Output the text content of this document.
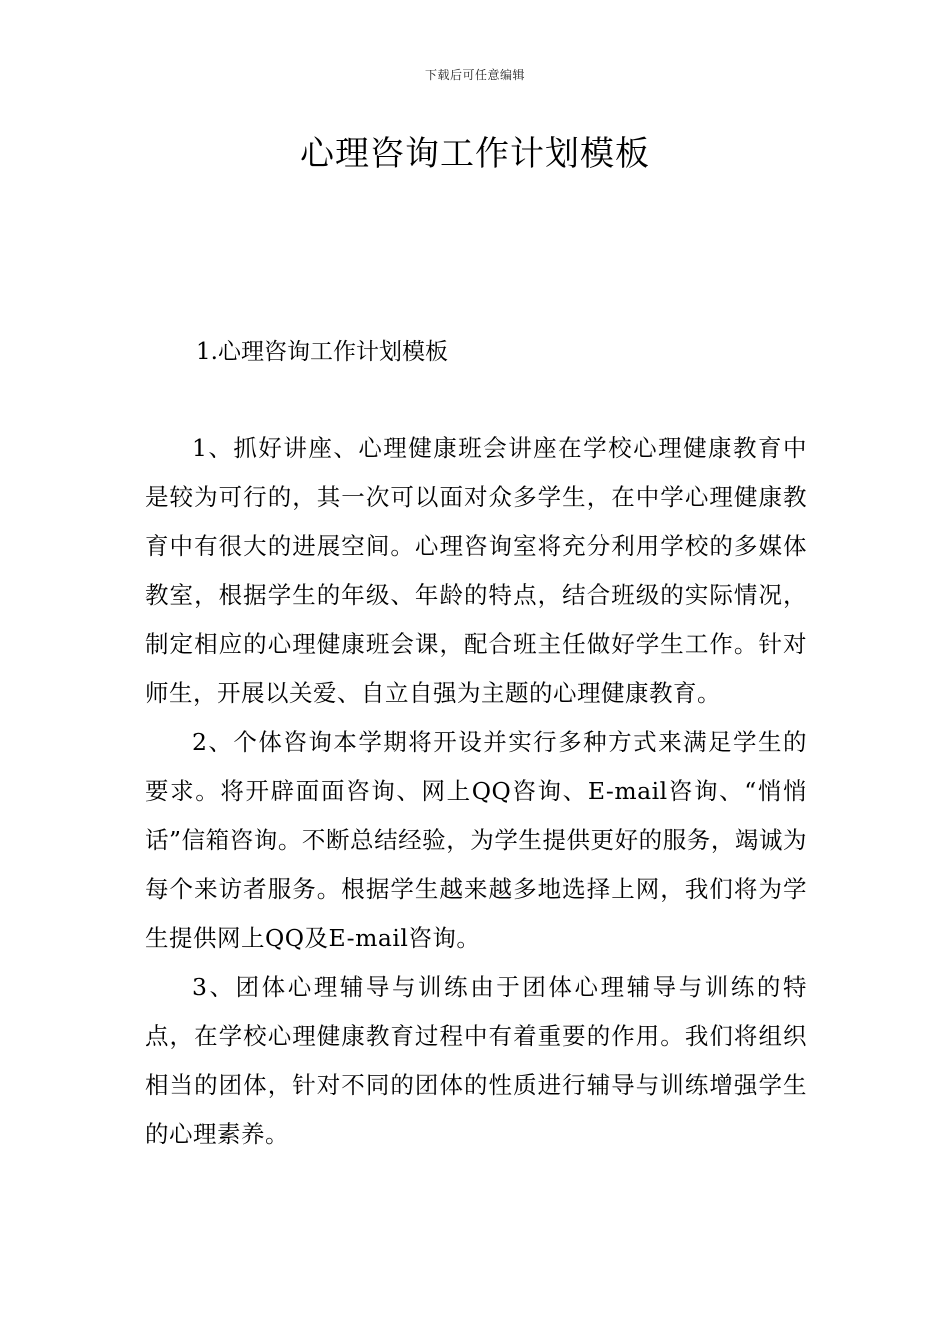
下载后可任意编辑
心理咨询工作计划模板
1.心理咨询工作计划模板

1、抓好讲座、心理健康班会讲座在学校心理健康教育中是较为可行的，其一次可以面对众多学生，在中学心理健康教育中有很大的进展空间。心理咨询室将充分利用学校的多媒体教室，根据学生的年级、年龄的特点，结合班级的实际情况，制定相应的心理健康班会课，配合班主任做好学生工作。针对师生，开展以关爱、自立自强为主题的心理健康教育。

2、个体咨询本学期将开设并实行多种方式来满足学生的要求。将开辟面面咨询、网上QQ咨询、E-mail咨询、“悄悄话”信箱咨询。不断总结经验，为学生提供更好的服务，竭诚为每个来访者服务。根据学生越来越多地选择上网，我们将为学生提供网上QQ及E-mail咨询。

3、团体心理辅导与训练由于团体心理辅导与训练的特点，在学校心理健康教育过程中有着重要的作用。我们将组织相当的团体，针对不同的团体的性质进行辅导与训练增强学生的心理素养。
